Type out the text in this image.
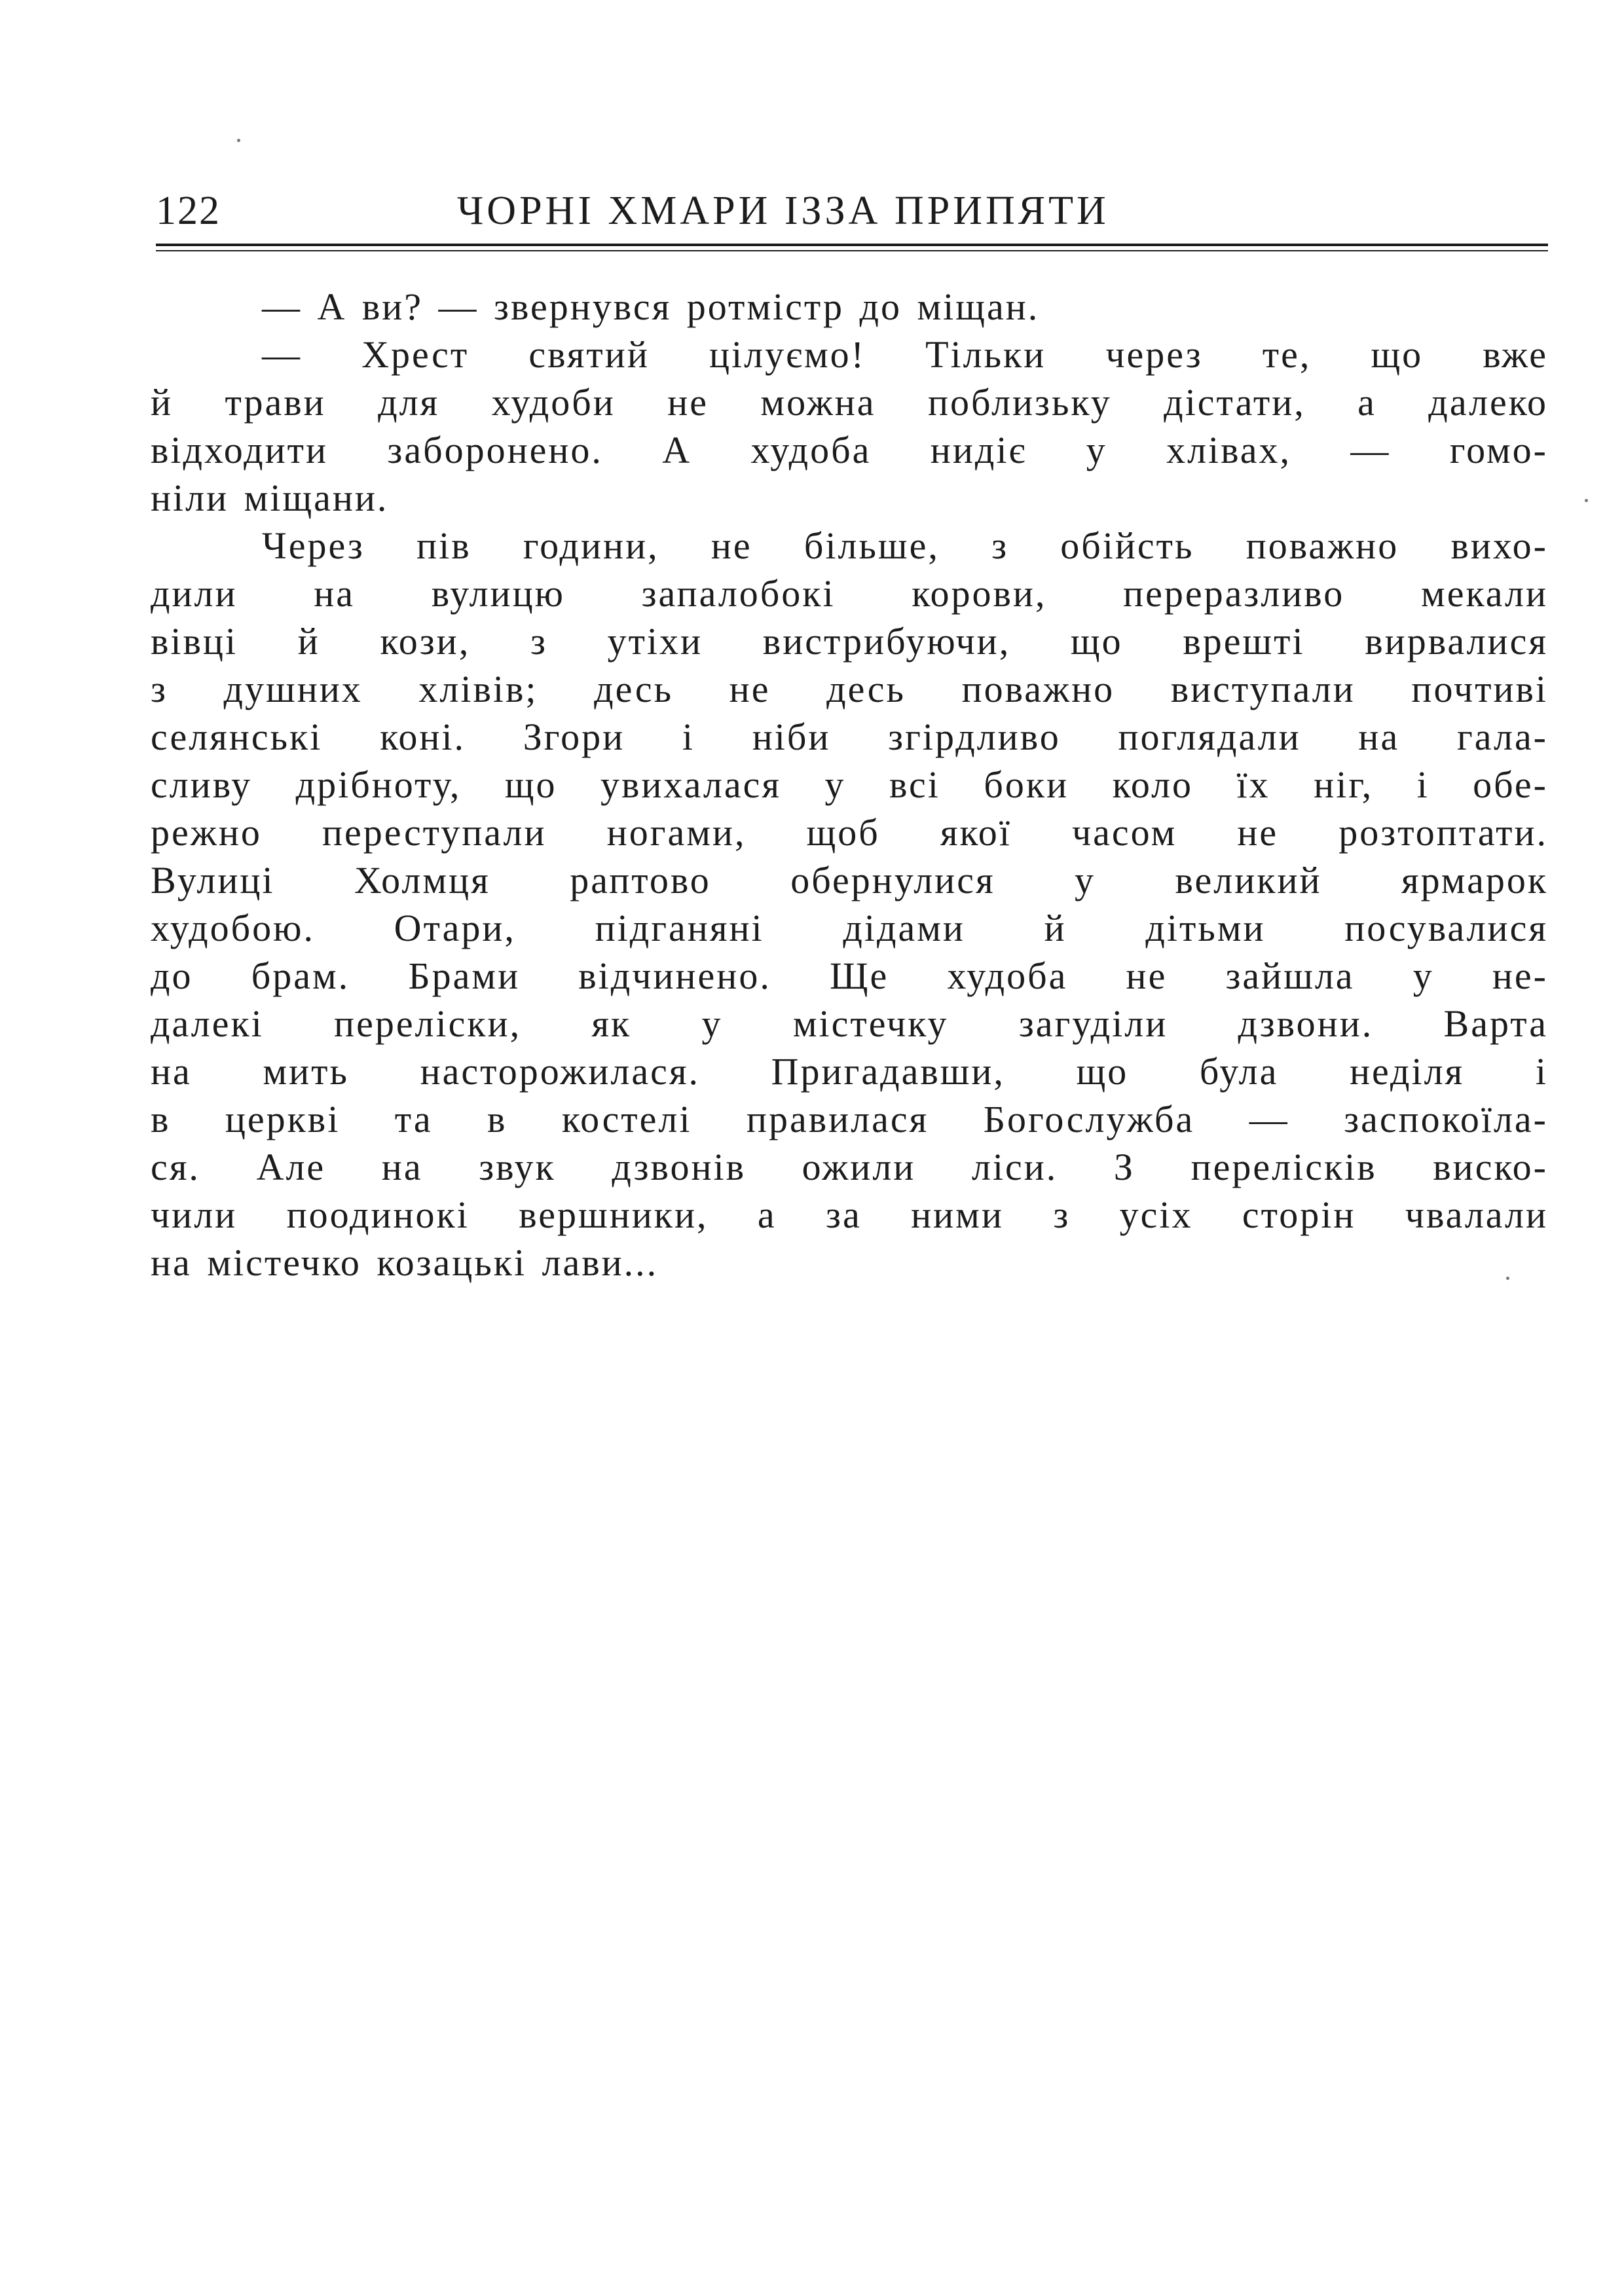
122	ЧОРНІ ХМАРИ ІЗЗА ПРИПЯТИ
— А ви? — звернувся ротмістр до міщан.
— Хрест святий цілуємо! Тільки через те, що вже
й трави для худоби не можна поблизьку дістати, а далеко
відходити заборонено. А худоба нидіє у хлівах, — гомо-
ніли міщани.
Через пів години, не більше, з обійсть поважно вихо-
дили на вулицю запалобокі корови, переразливо мекали
вівці й кози, з утіхи вистрибуючи, що врешті вирвалися
з душних хлівів; десь не десь поважно виступали почтиві
селянські коні. Згори і ніби згірдливо поглядали на гала-
сливу дрібноту, що увихалася у всі боки коло їх ніг, і обе-
режно переступали ногами, щоб якої часом не розтоптати.
Вулиці Холмця раптово обернулися у великий ярмарок
худобою. Отари, підганяні дідами й дітьми посувалися
до брам. Брами відчинено. Ще худоба не зайшла у не-
далекі переліски, як у містечку загуділи дзвони. Варта
на мить насторожилася. Пригадавши, що була неділя і
в церкві та в костелі правилася Богослужба — заспокоїла-
ся. Але на звук дзвонів ожили ліси. З перелісків виско-
чили поодинокі вершники, а за ними з усіх сторін чвалали
на містечко козацькі лави...
